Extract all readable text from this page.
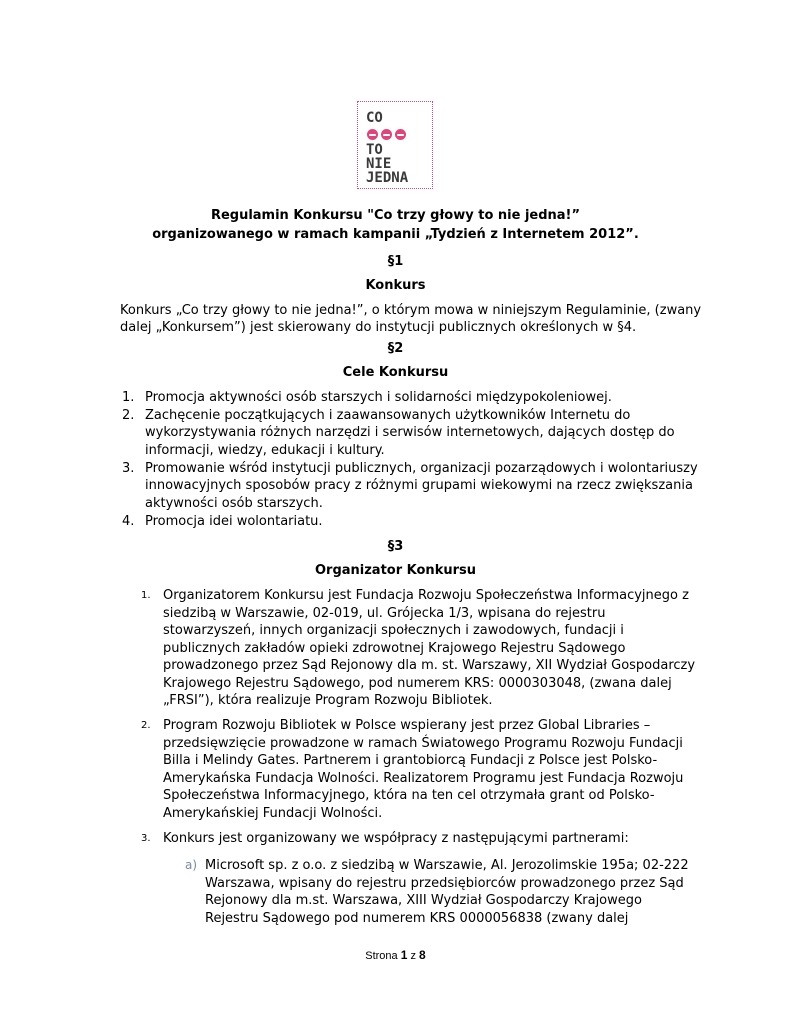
CO
TO
NIE
JEDNA
Regulamin Konkursu "Co trzy głowy to nie jedna!”
organizowanego w ramach kampanii „Tydzień z Internetem 2012”.
§1
Konkurs
Konkurs „Co trzy głowy to nie jedna!”, o którym mowa w niniejszym Regulaminie, (zwany
dalej „Konkursem”) jest skierowany do instytucji publicznych określonych w §4.
§2
Cele Konkursu
1. Promocja aktywności osób starszych i solidarności międzypokoleniowej.
2. Zachęcenie początkujących i zaawansowanych użytkowników Internetu do
wykorzystywania różnych narzędzi i serwisów internetowych, dających dostęp do
informacji, wiedzy, edukacji i kultury.
3. Promowanie wśród instytucji publicznych, organizacji pozarządowych i wolontariuszy
innowacyjnych sposobów pracy z różnymi grupami wiekowymi na rzecz zwiększania
aktywności osób starszych.
4. Promocja idei wolontariatu.
§3
Organizator Konkursu
1. Organizatorem Konkursu jest Fundacja Rozwoju Społeczeństwa Informacyjnego z
siedzibą w Warszawie, 02-019, ul. Grójecka 1/3, wpisana do rejestru
stowarzyszeń, innych organizacji społecznych i zawodowych, fundacji i
publicznych zakładów opieki zdrowotnej Krajowego Rejestru Sądowego
prowadzonego przez Sąd Rejonowy dla m. st. Warszawy, XII Wydział Gospodarczy
Krajowego Rejestru Sądowego, pod numerem KRS: 0000303048, (zwana dalej
„FRSI”), która realizuje Program Rozwoju Bibliotek.
2. Program Rozwoju Bibliotek w Polsce wspierany jest przez Global Libraries –
przedsięwzięcie prowadzone w ramach Światowego Programu Rozwoju Fundacji
Billa i Melindy Gates. Partnerem i grantobiorcą Fundacji z Polsce jest Polsko-
Amerykańska Fundacja Wolności. Realizatorem Programu jest Fundacja Rozwoju
Społeczeństwa Informacyjnego, która na ten cel otrzymała grant od Polsko-
Amerykańskiej Fundacji Wolności.
3. Konkurs jest organizowany we współpracy z następującymi partnerami:
a) Microsoft sp. z o.o. z siedzibą w Warszawie, Al. Jerozolimskie 195a; 02-222
Warszawa, wpisany do rejestru przedsiębiorców prowadzonego przez Sąd
Rejonowy dla m.st. Warszawa, XIII Wydział Gospodarczy Krajowego
Rejestru Sądowego pod numerem KRS 0000056838 (zwany dalej
Strona 1 z 8
